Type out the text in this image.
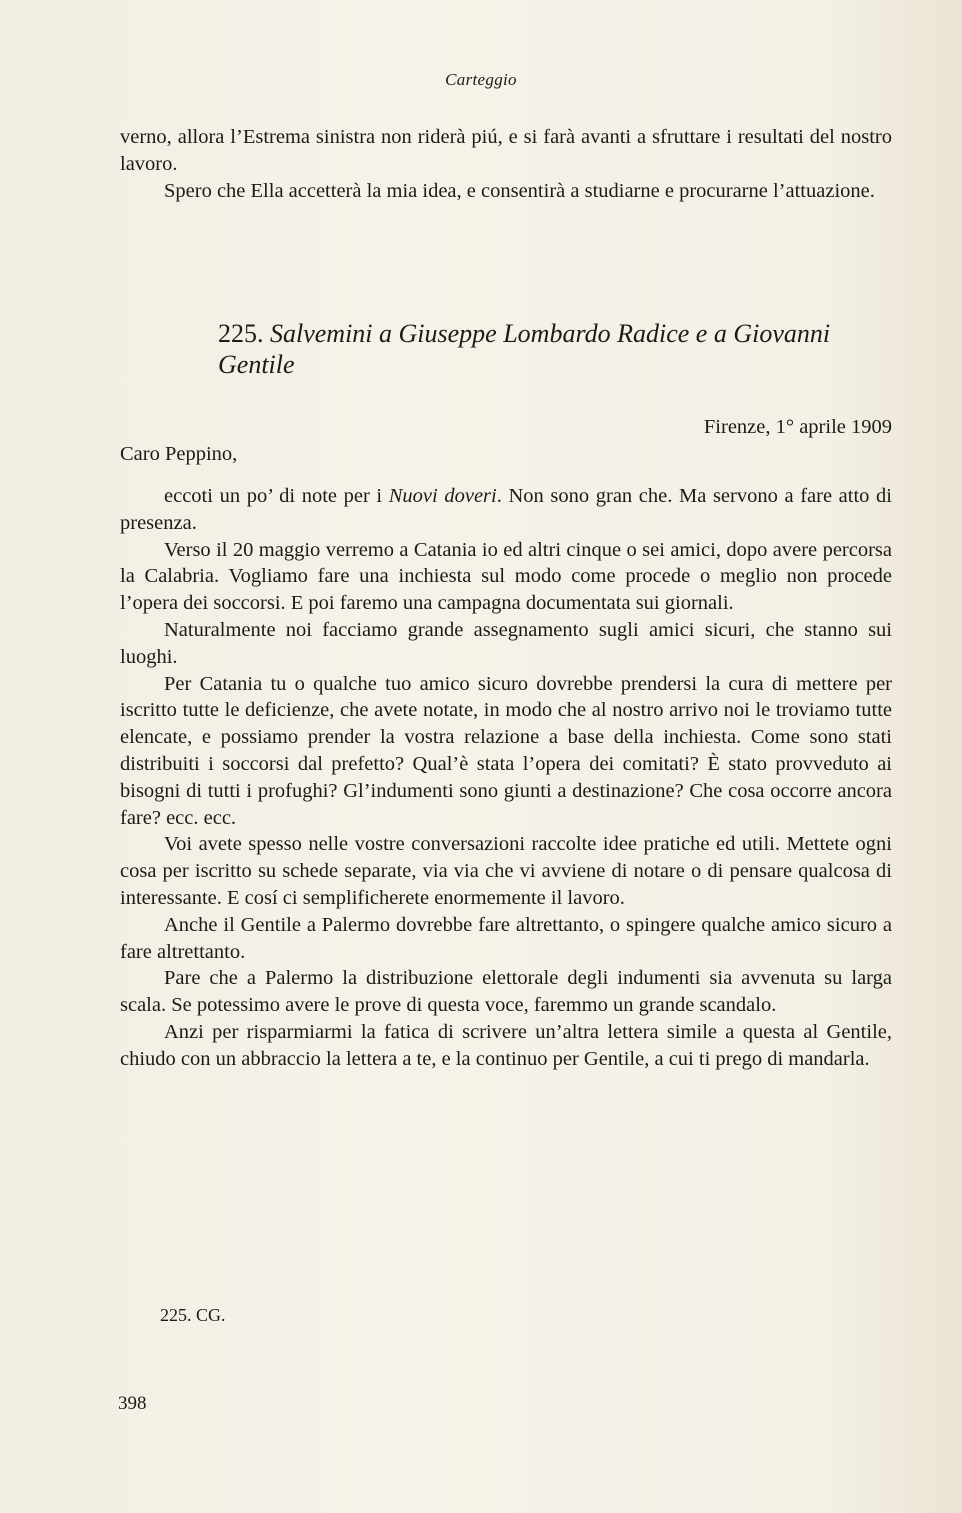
Carteggio

verno, allora l’Estrema sinistra non riderà piú, e si farà avanti a sfruttare i resultati del nostro lavoro.

Spero che Ella accetterà la mia idea, e consentirà a studiarne e procurarne l’attuazione.

225. Salvemini a Giuseppe Lombardo Radice e a Giovanni Gentile
Firenze, 1° aprile 1909
Caro Peppino,

eccoti un po’ di note per i Nuovi doveri. Non sono gran che. Ma servono a fare atto di presenza.

Verso il 20 maggio verremo a Catania io ed altri cinque o sei amici, dopo avere percorsa la Calabria. Vogliamo fare una inchiesta sul modo come procede o meglio non procede l’opera dei soccorsi. E poi faremo una campagna documentata sui giornali.

Naturalmente noi facciamo grande assegnamento sugli amici sicuri, che stanno sui luoghi.

Per Catania tu o qualche tuo amico sicuro dovrebbe prendersi la cura di mettere per iscritto tutte le deficienze, che avete notate, in modo che al nostro arrivo noi le troviamo tutte elencate, e possiamo prender la vostra relazione a base della inchiesta. Come sono stati distribuiti i soccorsi dal prefetto? Qual’è stata l’opera dei comitati? È stato provveduto ai bisogni di tutti i profughi? Gl’indumenti sono giunti a destinazione? Che cosa occorre ancora fare? ecc. ecc.

Voi avete spesso nelle vostre conversazioni raccolte idee pratiche ed utili. Mettete ogni cosa per iscritto su schede separate, via via che vi avviene di notare o di pensare qualcosa di interessante. E cosí ci semplificherete enormemente il lavoro.

Anche il Gentile a Palermo dovrebbe fare altrettanto, o spingere qualche amico sicuro a fare altrettanto.

Pare che a Palermo la distribuzione elettorale degli indumenti sia avvenuta su larga scala. Se potessimo avere le prove di questa voce, faremmo un grande scandalo.

Anzi per risparmiarmi la fatica di scrivere un’altra lettera simile a questa al Gentile, chiudo con un abbraccio la lettera a te, e la continuo per Gentile, a cui ti prego di mandarla.

225. CG.
398
